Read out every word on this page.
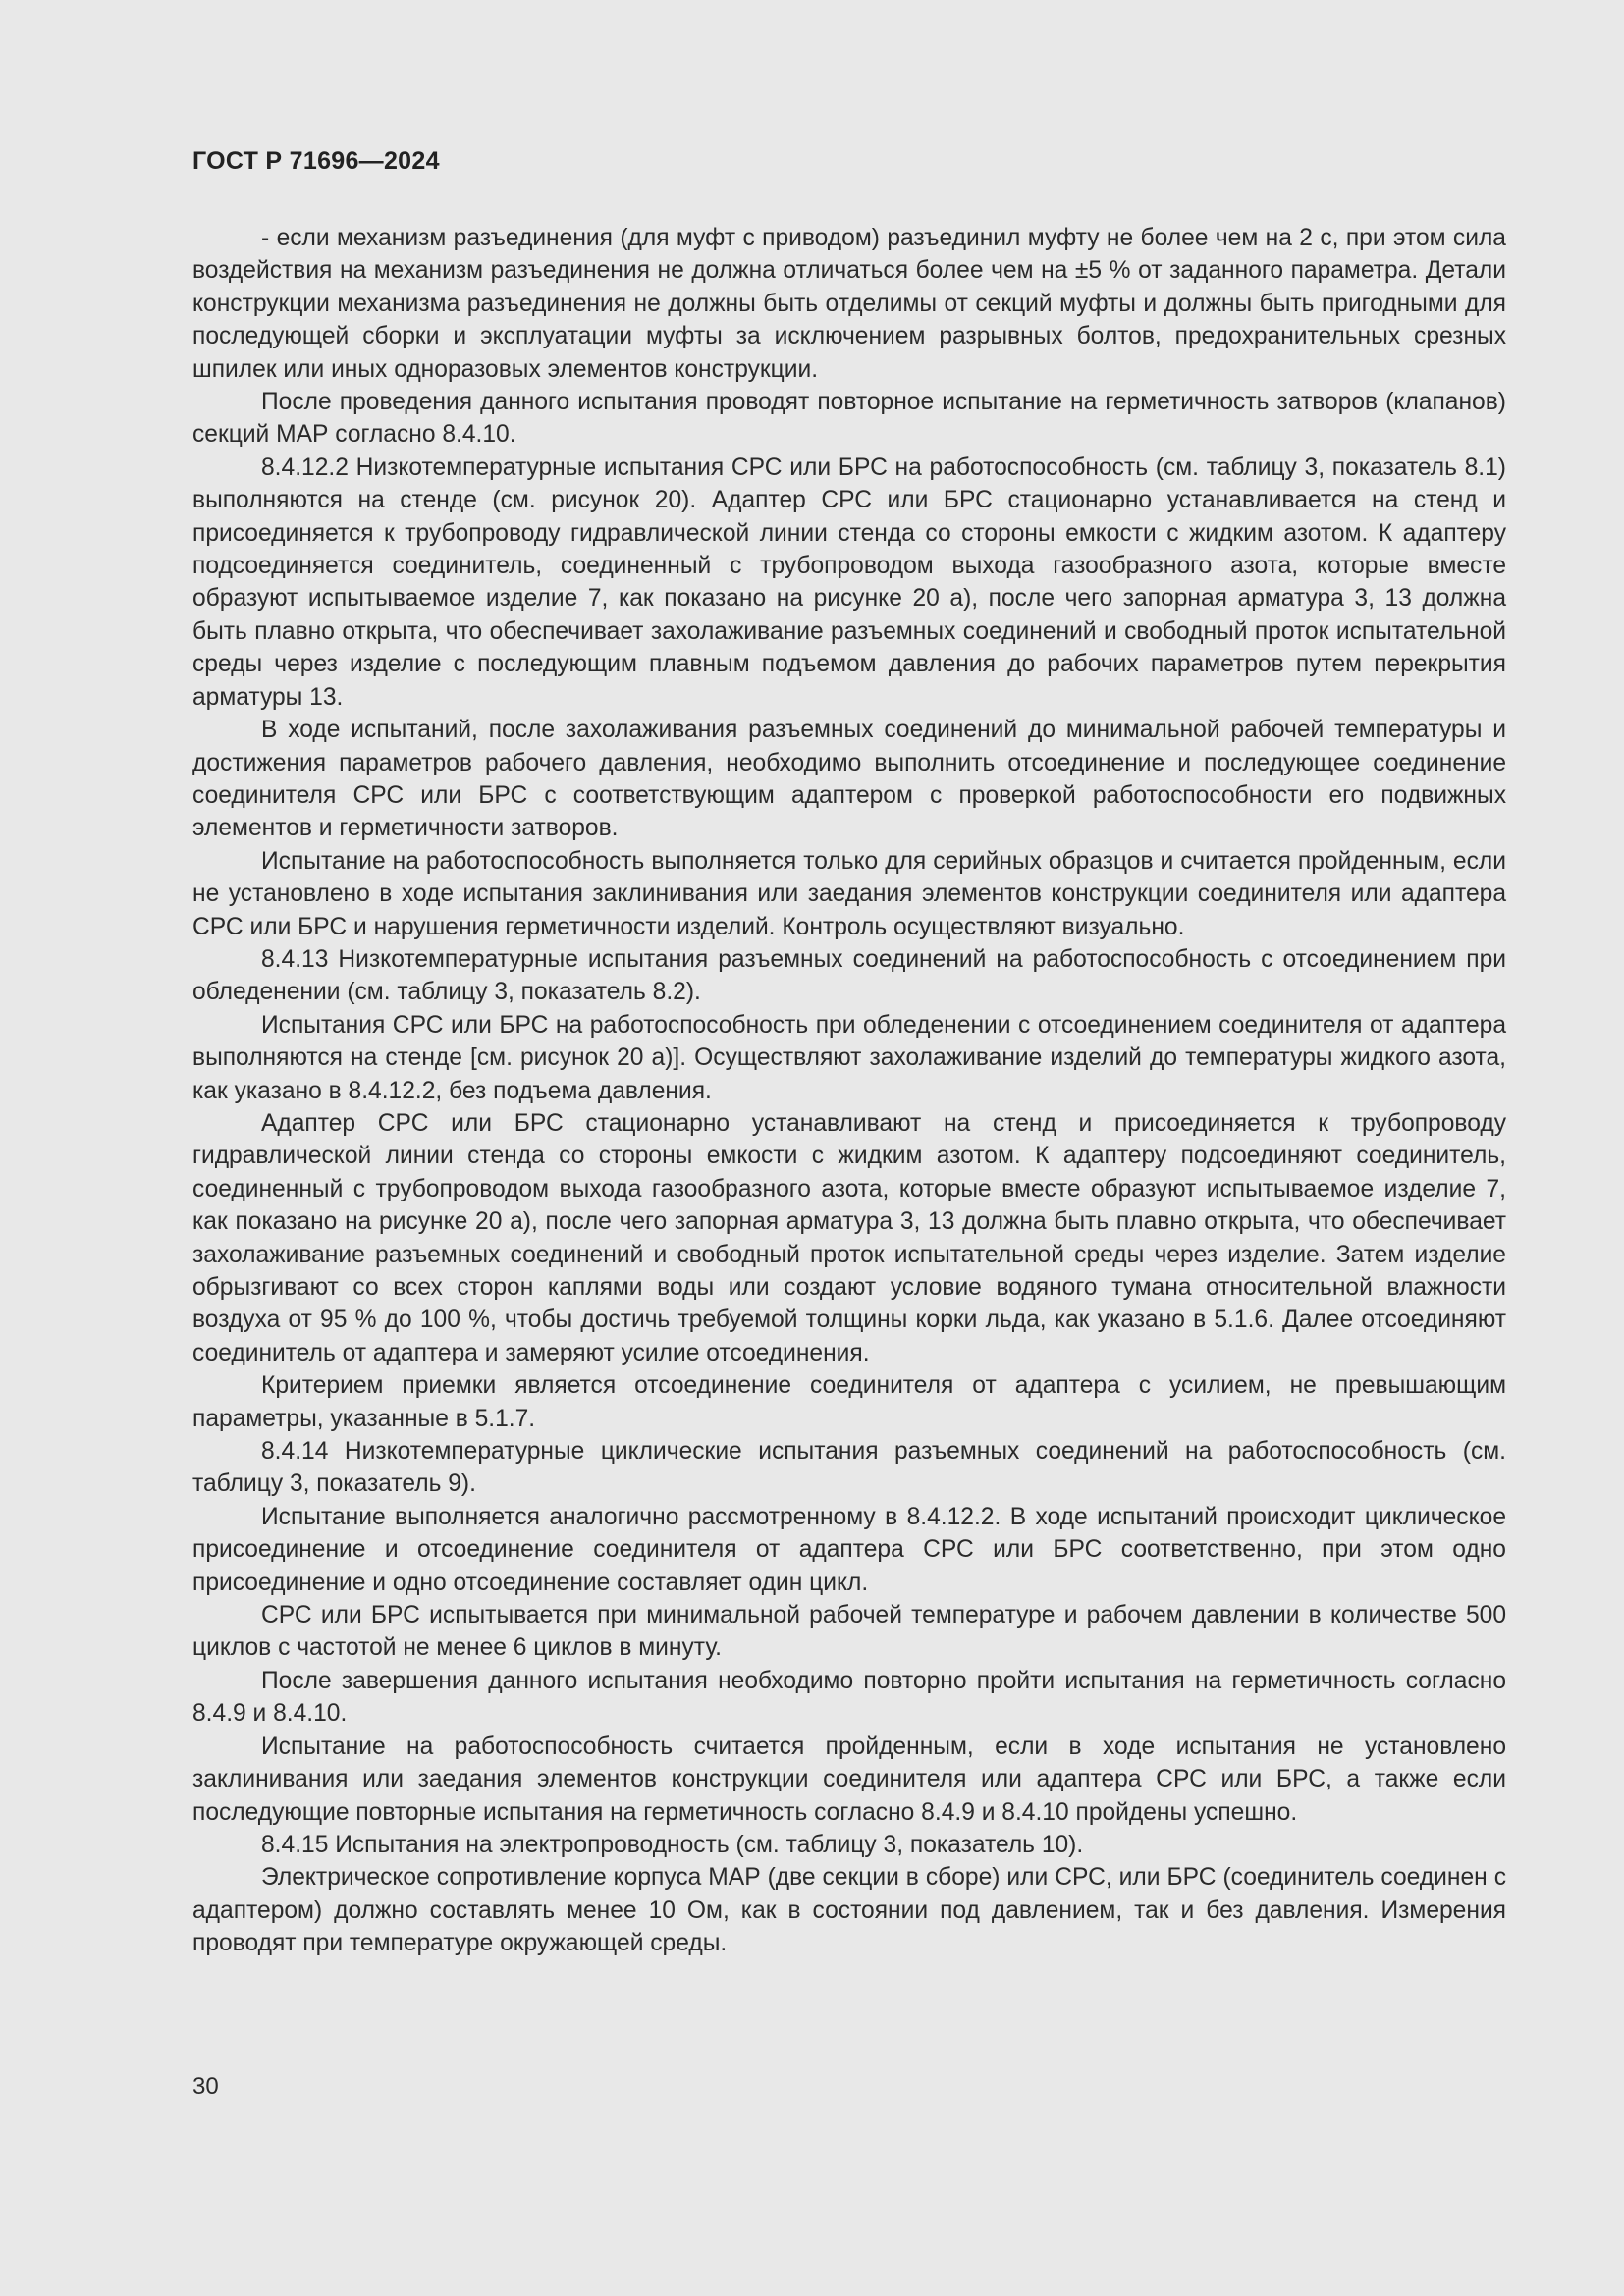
ГОСТ Р 71696—2024

- если механизм разъединения (для муфт с приводом) разъединил муфту не более чем на 2 с, при этом сила воздействия на механизм разъединения не должна отличаться более чем на ±5 % от заданного параметра. Детали конструкции механизма разъединения не должны быть отделимы от секций муфты и должны быть пригодными для последующей сборки и эксплуатации муфты за исключением разрывных болтов, предохранительных срезных шпилек или иных одноразовых элементов конструкции.

После проведения данного испытания проводят повторное испытание на герметичность затворов (клапанов) секций МАР согласно 8.4.10.

8.4.12.2 Низкотемпературные испытания СРС или БРС на работоспособность (см. таблицу 3, показатель 8.1) выполняются на стенде (см. рисунок 20). Адаптер СРС или БРС стационарно устанавливается на стенд и присоединяется к трубопроводу гидравлической линии стенда со стороны емкости с жидким азотом. К адаптеру подсоединяется соединитель, соединенный с трубопроводом выхода газообразного азота, которые вместе образуют испытываемое изделие 7, как показано на рисунке 20 а), после чего запорная арматура 3, 13 должна быть плавно открыта, что обеспечивает захолаживание разъемных соединений и свободный проток испытательной среды через изделие с последующим плавным подъемом давления до рабочих параметров путем перекрытия арматуры 13.

В ходе испытаний, после захолаживания разъемных соединений до минимальной рабочей температуры и достижения параметров рабочего давления, необходимо выполнить отсоединение и последующее соединение соединителя СРС или БРС с соответствующим адаптером с проверкой работоспособности его подвижных элементов и герметичности затворов.

Испытание на работоспособность выполняется только для серийных образцов и считается пройденным, если не установлено в ходе испытания заклинивания или заедания элементов конструкции соединителя или адаптера СРС или БРС и нарушения герметичности изделий. Контроль осуществляют визуально.

8.4.13 Низкотемпературные испытания разъемных соединений на работоспособность с отсоединением при обледенении (см. таблицу 3, показатель 8.2).

Испытания СРС или БРС на работоспособность при обледенении с отсоединением соединителя от адаптера выполняются на стенде [см. рисунок 20 а)]. Осуществляют захолаживание изделий до температуры жидкого азота, как указано в 8.4.12.2, без подъема давления.

Адаптер СРС или БРС стационарно устанавливают на стенд и присоединяется к трубопроводу гидравлической линии стенда со стороны емкости с жидким азотом. К адаптеру подсоединяют соединитель, соединенный с трубопроводом выхода газообразного азота, которые вместе образуют испытываемое изделие 7, как показано на рисунке 20 а), после чего запорная арматура 3, 13 должна быть плавно открыта, что обеспечивает захолаживание разъемных соединений и свободный проток испытательной среды через изделие. Затем изделие обрызгивают со всех сторон каплями воды или создают условие водяного тумана относительной влажности воздуха от 95 % до 100 %, чтобы достичь требуемой толщины корки льда, как указано в 5.1.6. Далее отсоединяют соединитель от адаптера и замеряют усилие отсоединения.

Критерием приемки является отсоединение соединителя от адаптера с усилием, не превышающим параметры, указанные в 5.1.7.

8.4.14 Низкотемпературные циклические испытания разъемных соединений на работоспособность (см. таблицу 3, показатель 9).

Испытание выполняется аналогично рассмотренному в 8.4.12.2. В ходе испытаний происходит циклическое присоединение и отсоединение соединителя от адаптера СРС или БРС соответственно, при этом одно присоединение и одно отсоединение составляет один цикл.

СРС или БРС испытывается при минимальной рабочей температуре и рабочем давлении в количестве 500 циклов с частотой не менее 6 циклов в минуту.

После завершения данного испытания необходимо повторно пройти испытания на герметичность согласно 8.4.9 и 8.4.10.

Испытание на работоспособность считается пройденным, если в ходе испытания не установлено заклинивания или заедания элементов конструкции соединителя или адаптера СРС или БРС, а также если последующие повторные испытания на герметичность согласно 8.4.9 и 8.4.10 пройдены успешно.

8.4.15 Испытания на электропроводность (см. таблицу 3, показатель 10).

Электрическое сопротивление корпуса МАР (две секции в сборе) или СРС, или БРС (соединитель соединен с адаптером) должно составлять менее 10 Ом, как в состоянии под давлением, так и без давления. Измерения проводят при температуре окружающей среды.

30
